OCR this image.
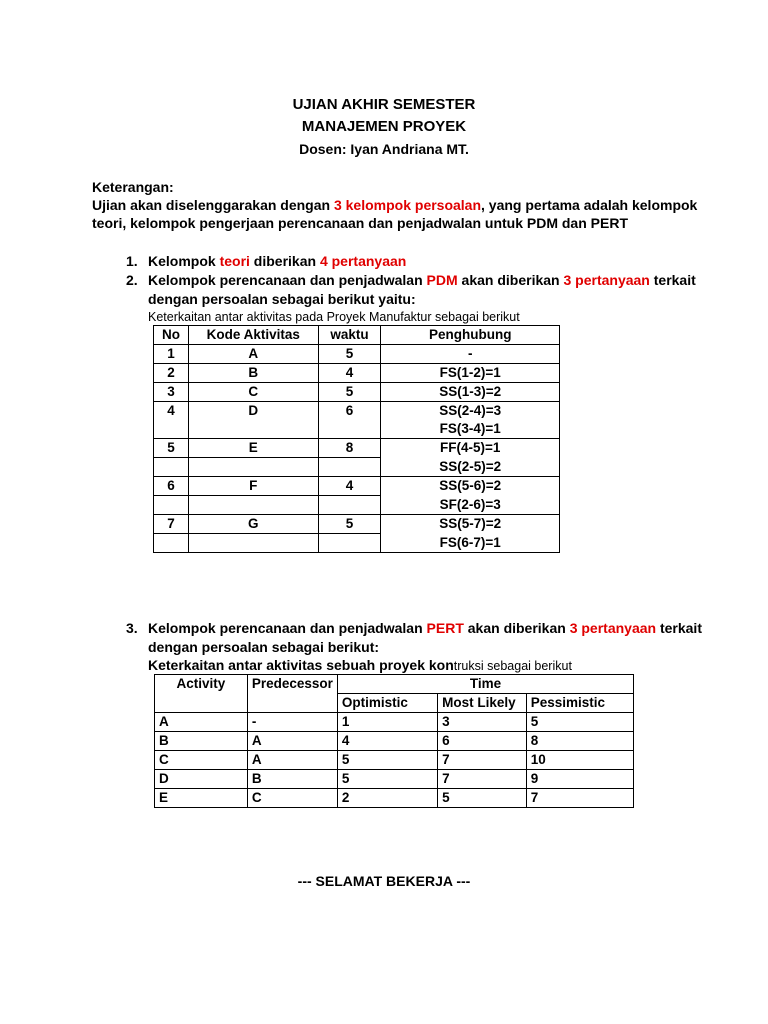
UJIAN AKHIR SEMESTER
MANAJEMEN PROYEK
Dosen: Iyan Andriana MT.
Keterangan:
Ujian akan diselenggarakan dengan 3 kelompok persoalan, yang pertama adalah kelompok
teori, kelompok pengerjaan perencanaan dan penjadwalan untuk PDM dan PERT
1. Kelompok teori diberikan 4 pertanyaan
2. Kelompok perencanaan dan penjadwalan PDM akan diberikan 3 pertanyaan terkait
dengan persoalan sebagai berikut yaitu:
Keterkaitan antar aktivitas pada Proyek Manufaktur sebagai berikut
No	Kode Aktivitas	waktu	Penghubung
1	A	5	-
2	B	4	FS(1-2)=1
3	C	5	SS(1-3)=2
4	D	6	SS(2-4)=3
			FS(3-4)=1
5	E	8	FF(4-5)=1
			SS(2-5)=2
6	F	4	SS(5-6)=2
			SF(2-6)=3
7	G	5	SS(5-7)=2
			FS(6-7)=1
3. Kelompok perencanaan dan penjadwalan PERT akan diberikan 3 pertanyaan terkait
dengan persoalan sebagai berikut:
Keterkaitan antar aktivitas sebuah proyek kontruksi sebagai berikut
Activity	Predecessor	Time		
		Optimistic	Most Likely	Pessimistic
A	-	1	3	5
B	A	4	6	8
C	A	5	7	10
D	B	5	7	9
E	C	2	5	7
--- SELAMAT BEKERJA ---
